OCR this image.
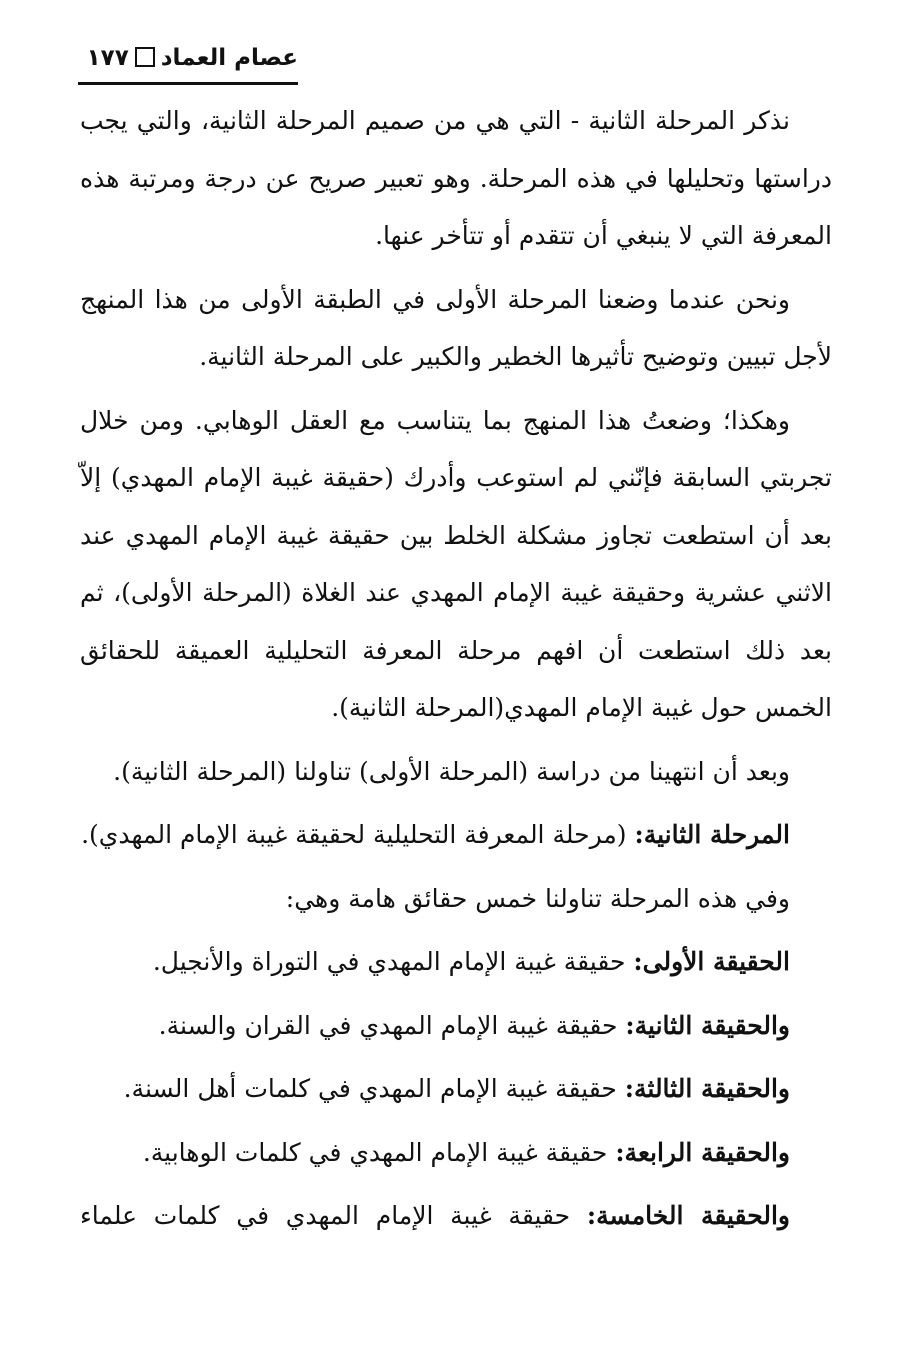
عصام العماد١٧٧

نذكر المرحلة الثانية - التي هي من صميم المرحلة الثانية، والتي يجب دراستها وتحليلها في هذه المرحلة. وهو تعبير صريح عن درجة ومرتبة هذه المعرفة التي لا ينبغي أن تتقدم أو تتأخر عنها.

ونحن عندما وضعنا المرحلة الأولى في الطبقة الأولى من هذا المنهج لأجل تبيين وتوضيح تأثيرها الخطير والكبير على المرحلة الثانية.

وهكذا؛ وضعتُ هذا المنهج بما يتناسب مع العقل الوهابي. ومن خلال تجربتي السابقة فإنّني لم استوعب وأدرك (حقيقة غيبة الإمام المهدي) إلاّ بعد أن استطعت تجاوز مشكلة الخلط بين حقيقة غيبة الإمام المهدي عند الاثني عشرية وحقيقة غيبة الإمام المهدي عند الغلاة (المرحلة الأولى)، ثم بعد ذلك استطعت أن افهم مرحلة المعرفة التحليلية العميقة للحقائق الخمس حول غيبة الإمام المهدي(المرحلة الثانية).

وبعد أن انتهينا من دراسة (المرحلة الأولى) تناولنا (المرحلة الثانية).

المرحلة الثانية: (مرحلة المعرفة التحليلية لحقيقة غيبة الإمام المهدي).

وفي هذه المرحلة تناولنا خمس حقائق هامة وهي:

الحقيقة الأولى: حقيقة غيبة الإمام المهدي في التوراة والأنجيل.

والحقيقة الثانية: حقيقة غيبة الإمام المهدي في القران والسنة.

والحقيقة الثالثة: حقيقة غيبة الإمام المهدي في كلمات أهل السنة.

والحقيقة الرابعة: حقيقة غيبة الإمام المهدي في كلمات الوهابية.

والحقيقة الخامسة: حقيقة غيبة الإمام المهدي في كلمات علماء
